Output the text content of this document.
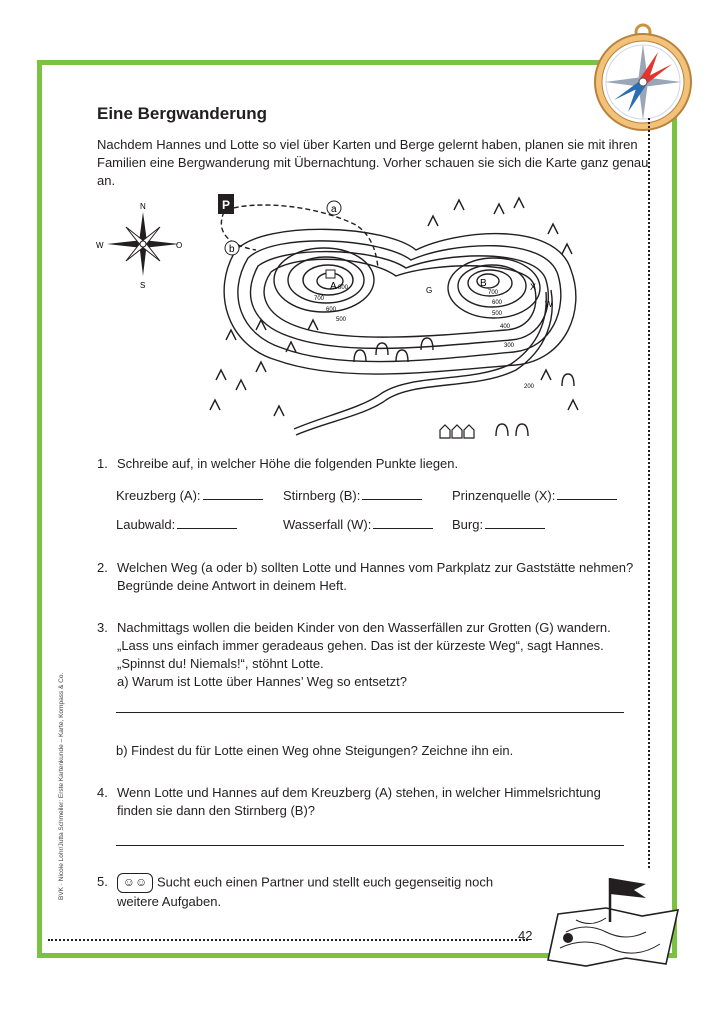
Eine Bergwanderung
Nachdem Hannes und Lotte so viel über Karten und Berge gelernt haben, planen sie mit ihren Familien eine Bergwanderung mit Übernachtung. Vorher schauen sie sich die Karte ganz genau an.
N
S
W	O
P	a
b
A 800
700
600
500
B
700
600
500
400
300
200
X
W
G
1. Schreibe auf, in welcher Höhe die folgenden Punkte liegen.
Kreuzberg (A):	Stirnberg (B):	Prinzenquelle (X):
Laubwald:	Wasserfall (W):	Burg:
2. Welchen Weg (a oder b) sollten Lotte und Hannes vom Parkplatz zur Gaststätte nehmen? Begründe deine Antwort in deinem Heft.
3. Nachmittags wollen die beiden Kinder von den Wasserfällen zur Grotten (G) wandern.
„Lass uns einfach immer geradeaus gehen. Das ist der kürzeste Weg“, sagt Hannes.
„Spinnst du! Niemals!“, stöhnt Lotte.
a) Warum ist Lotte über Hannes’ Weg so entsetzt?
b) Findest du für Lotte einen Weg ohne Steigungen? Zeichne ihn ein.
4. Wenn Lotte und Hannes auf dem Kreuzberg (A) stehen, in welcher Himmelsrichtung finden sie dann den Stirnberg (B)?
5. ☺☺ Sucht euch einen Partner und stellt euch gegenseitig noch weitere Aufgaben.
BVK · Nicole Lohr/Jutta Schmeiler: Erste Kartenkunde – Karte, Kompass & Co.
42
